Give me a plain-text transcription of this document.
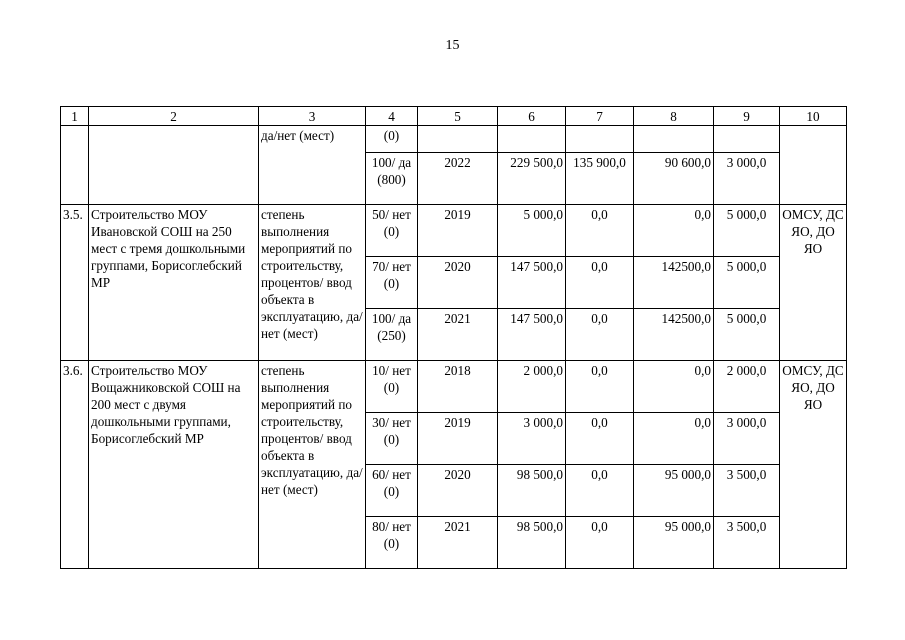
15
1	2	3	4	5	6	7	8	9	10
		да/нет (мест)	(0)						
			100/ да (800)	2022	229 500,0	135 900,0	90 600,0	3 000,0	
3.5.	Строительство МОУ Ивановской СОШ на 250 мест с тремя дошкольными группами, Борисоглебский МР	степень выполнения мероприятий по строительству, процентов/ ввод объекта в эксплуатацию, да/нет (мест)	50/ нет (0)	2019	5 000,0	0,0	0,0	5 000,0	ОМСУ, ДС ЯО, ДО ЯО
			70/ нет (0)	2020	147 500,0	0,0	142500,0	5 000,0	
			100/ да (250)	2021	147 500,0	0,0	142500,0	5 000,0	
3.6.	Строительство МОУ Вощажниковской СОШ на 200 мест с двумя дошкольными группами, Борисоглебский МР	степень выполнения мероприятий по строительству, процентов/ ввод объекта в эксплуатацию, да/нет (мест)	10/ нет (0)	2018	2 000,0	0,0	0,0	2 000,0	ОМСУ, ДС ЯО, ДО ЯО
			30/ нет (0)	2019	3 000,0	0,0	0,0	3 000,0	
			60/ нет (0)	2020	98 500,0	0,0	95 000,0	3 500,0	
			80/ нет (0)	2021	98 500,0	0,0	95 000,0	3 500,0	
